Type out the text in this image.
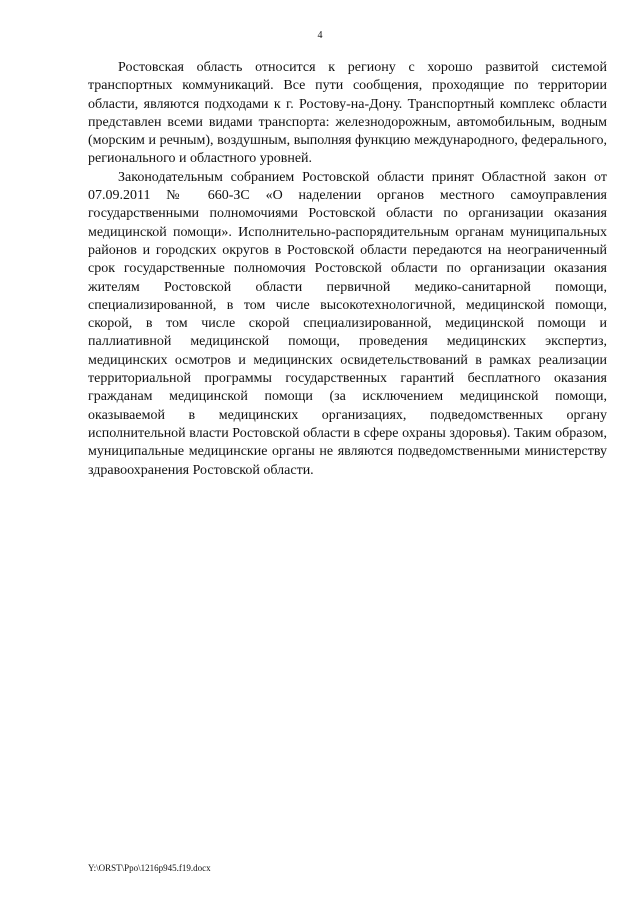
4

Ростовская область относится к региону с хорошо развитой системой транспортных коммуникаций. Все пути сообщения, проходящие по территории области, являются подходами к г. Ростову-на-Дону. Транспортный комплекс области представлен всеми видами транспорта: железнодорожным, автомобильным, водным (морским и речным), воздушным, выполняя функцию международного, федерального, регионального и областного уровней.

Законодательным собранием Ростовской области принят Областной закон от 07.09.2011 № 660-ЗС «О наделении органов местного самоуправления государственными полномочиями Ростовской области по организации оказания медицинской помощи». Исполнительно-распорядительным органам муниципальных районов и городских округов в Ростовской области передаются на неограниченный срок государственные полномочия Ростовской области по организации оказания жителям Ростовской области первичной медико-санитарной помощи, специализированной, в том числе высокотехнологичной, медицинской помощи, скорой, в том числе скорой специализированной, медицинской помощи и паллиативной медицинской помощи, проведения медицинских экспертиз, медицинских осмотров и медицинских освидетельствований в рамках реализации территориальной программы государственных гарантий бесплатного оказания гражданам медицинской помощи (за исключением медицинской помощи, оказываемой в медицинских организациях, подведомственных органу исполнительной власти Ростовской области в сфере охраны здоровья). Таким образом, муниципальные медицинские органы не являются подведомственными министерству здравоохранения Ростовской области.

Y:\ORST\Ppo\1216p945.f19.docx
